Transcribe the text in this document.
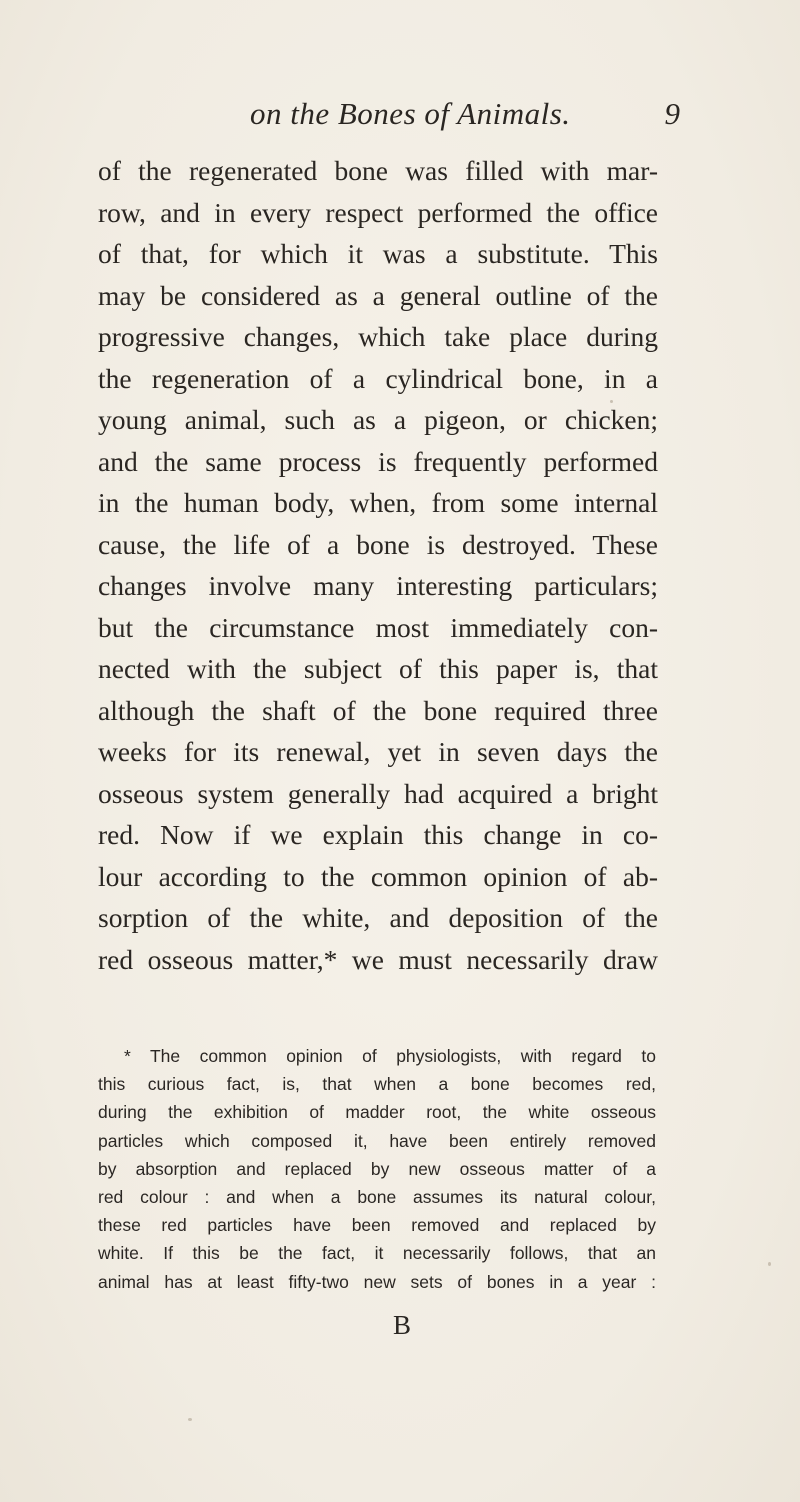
on the Bones of Animals.	9
of the regenerated bone was filled with mar-
row, and in every respect performed the office
of that, for which it was a substitute. This
may be considered as a general outline of the
progressive changes, which take place during
the regeneration of a cylindrical bone, in a
young animal, such as a pigeon, or chicken;
and the same process is frequently performed
in the human body, when, from some internal
cause, the life of a bone is destroyed. These
changes involve many interesting particulars;
but the circumstance most immediately con-
nected with the subject of this paper is, that
although the shaft of the bone required three
weeks for its renewal, yet in seven days the
osseous system generally had acquired a bright
red. Now if we explain this change in co-
lour according to the common opinion of ab-
sorption of the white, and deposition of the
red osseous matter,* we must necessarily draw
* The common opinion of physiologists, with regard to
this curious fact, is, that when a bone becomes red,
during the exhibition of madder root, the white osseous
particles which composed it, have been entirely removed
by absorption and replaced by new osseous matter of a
red colour : and when a bone assumes its natural colour,
these red particles have been removed and replaced by
white. If this be the fact, it necessarily follows, that an
animal has at least fifty-two new sets of bones in a year :
B
